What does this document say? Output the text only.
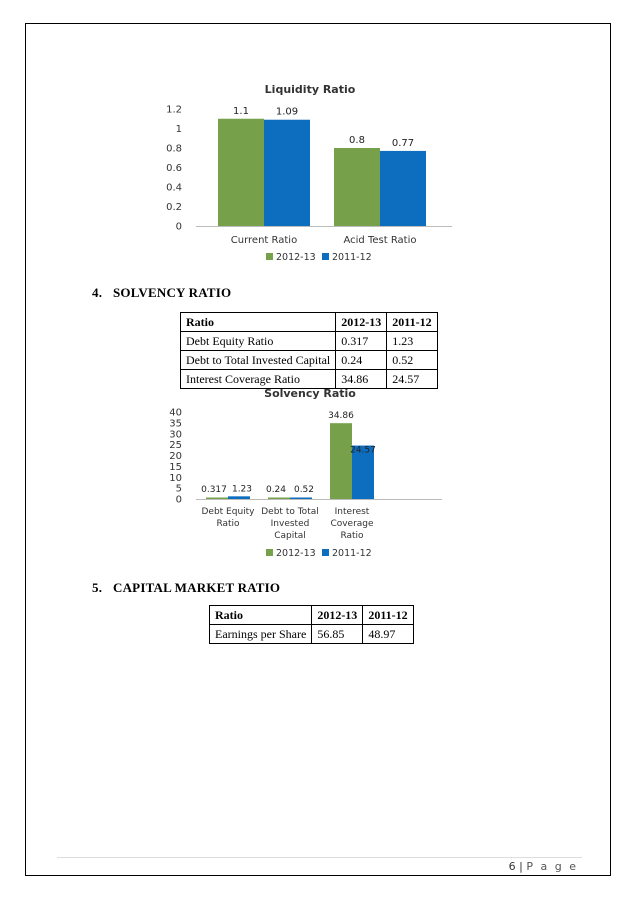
Liquidity Ratio
0
0.2
0.4
0.6
0.8
1
1.2	1.1	1.09
Current Ratio
0.8	0.77
Acid Test Ratio
2012-13 2011-12
4. SOLVENCY RATIO
Ratio	2012-13	2011-12
Debt Equity Ratio	0.317	1.23
Debt to Total Invested Capital	0.24	0.52
Interest Coverage Ratio	34.86	24.57
Solvency Ratio
0
5
10
15
20
25
30
35
40
0.317 1.23
Debt Equity
Ratio
0.24 0.52
Debt to Total
Invested
Capital
34.86
24.57
Interest
Coverage
Ratio
2012-13 2011-12
5. CAPITAL MARKET RATIO
Ratio	2012-13	2011-12
Earnings per Share	56.85	48.97
6 | P a g e
